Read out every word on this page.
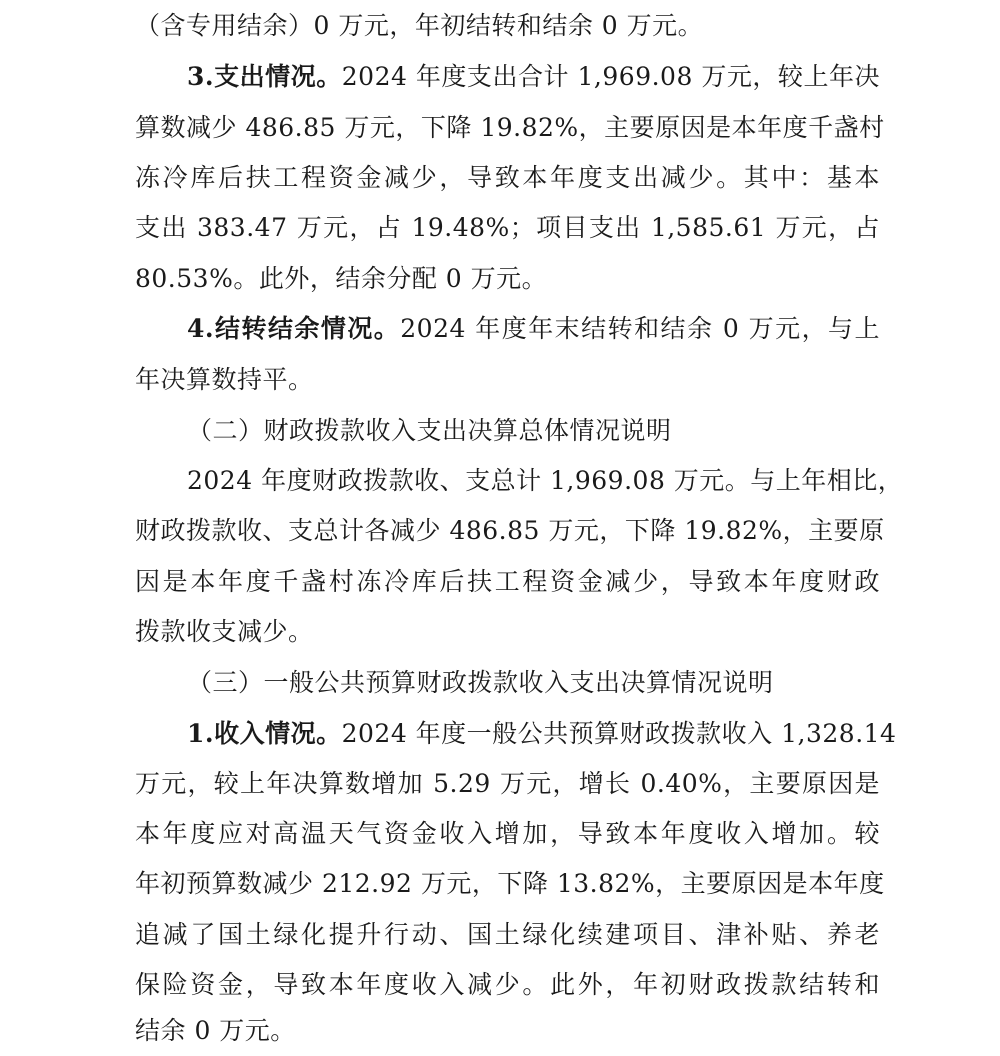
（含专用结余）0 万元，年初结转和结余 0 万元。
3.支出情况。2024 年度支出合计 1,969.08 万元，较上年决
算数减少 486.85 万元，下降 19.82%，主要原因是本年度千盏村
冻冷库后扶工程资金减少，导致本年度支出减少。其中：基本
支出 383.47 万元，占 19.48%；项目支出 1,585.61 万元，占
80.53%。此外，结余分配 0 万元。
4.结转结余情况。2024 年度年末结转和结余 0 万元，与上
年决算数持平。
（二）财政拨款收入支出决算总体情况说明
2024 年度财政拨款收、支总计 1,969.08 万元。与上年相比，
财政拨款收、支总计各减少 486.85 万元，下降 19.82%，主要原
因是本年度千盏村冻冷库后扶工程资金减少，导致本年度财政
拨款收支减少。
（三）一般公共预算财政拨款收入支出决算情况说明
1.收入情况。2024 年度一般公共预算财政拨款收入 1,328.14
万元，较上年决算数增加 5.29 万元，增长 0.40%，主要原因是
本年度应对高温天气资金收入增加，导致本年度收入增加。较
年初预算数减少 212.92 万元，下降 13.82%，主要原因是本年度
追减了国土绿化提升行动、国土绿化续建项目、津补贴、养老
保险资金，导致本年度收入减少。此外，年初财政拨款结转和
结余 0 万元。
